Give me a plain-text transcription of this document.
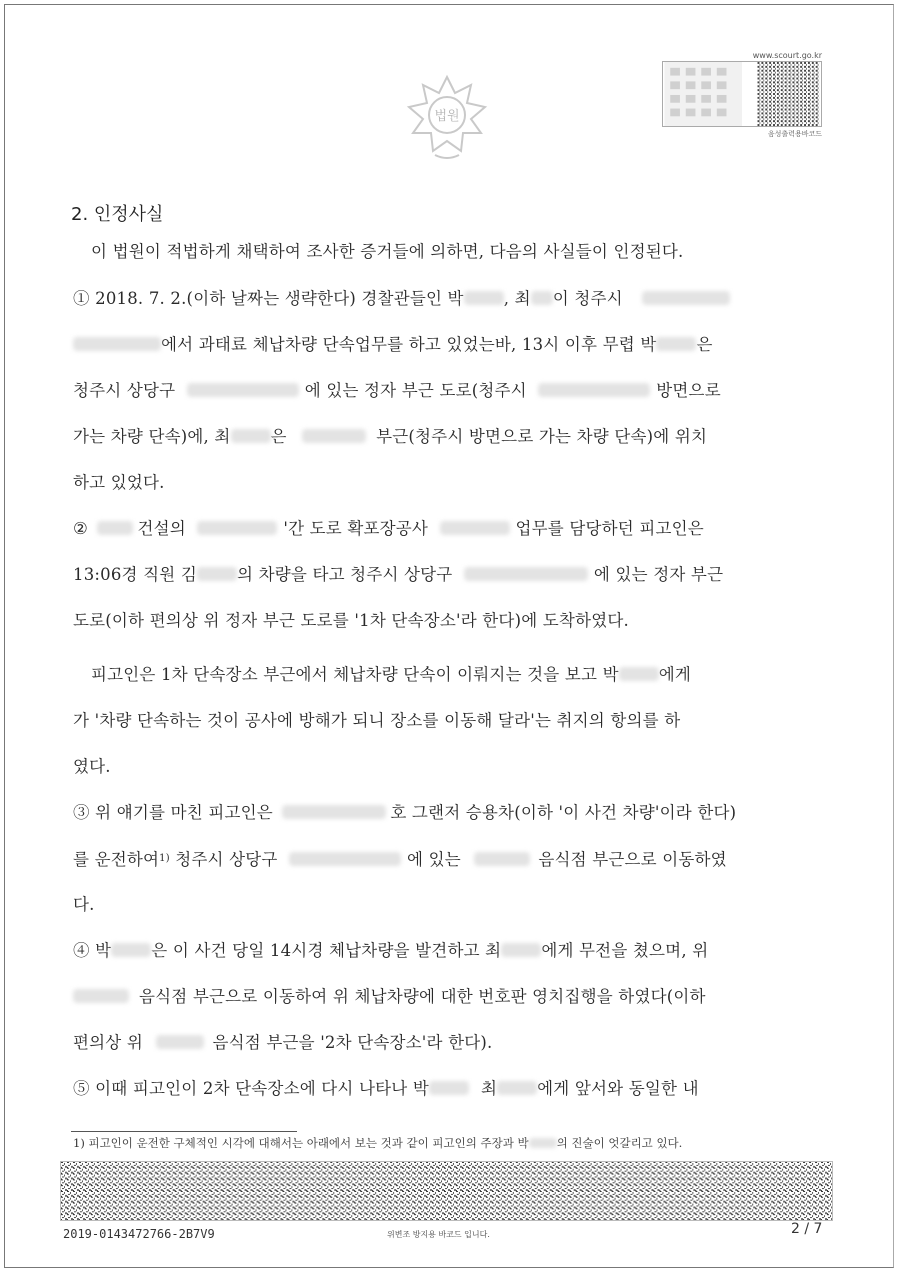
법원
www.scourt.go.kr
음성출력용바코드
2. 인정사실
이 법원이 적법하게 채택하여 조사한 증거들에 의하면, 다음의 사실들이 인정된다.
① 2018. 7. 2.(이하 날짜는 생략한다) 경찰관들인 박 , 최 이 청주시
에서 과태료 체납차량 단속업무를 하고 있었는바, 13시 이후 무렵 박 은
청주시 상당구	에 있는 정자 부근 도로(청주시	방면으로
가는 차량 단속)에, 최 은	부근(청주시 방면으로 가는 차량 단속)에 위치
하고 있었다.
②	건설의	'간 도로 확포장공사	업무를 담당하던 피고인은
13:06경 직원 김 의 차량을 타고 청주시 상당구	에 있는 정자 부근
도로(이하 편의상 위 정자 부근 도로를 '1차 단속장소'라 한다)에 도착하였다.
피고인은 1차 단속장소 부근에서 체납차량 단속이 이뤄지는 것을 보고 박 에게
가 '차량 단속하는 것이 공사에 방해가 되니 장소를 이동해 달라'는 취지의 항의를 하
였다.
③ 위 얘기를 마친 피고인은	호 그랜저 승용차(이하 '이 사건 차량'이라 한다)
를 운전하여$^{1)}$ 청주시 상당구	에 있는	음식점 부근으로 이동하였
다.
④ 박 은 이 사건 당일 14시경 체납차량을 발견하고 최 에게 무전을 쳤으며, 위
음식점 부근으로 이동하여 위 체납차량에 대한 번호판 영치집행을 하였다(이하
편의상 위	음식점 부근을 '2차 단속장소'라 한다).
⑤ 이때 피고인이 2차 단속장소에 다시 나타나 박	최 에게 앞서와 동일한 내
1) 피고인이 운전한 구체적인 시각에 대해서는 아래에서 보는 것과 같이 피고인의 주장과 박 의 진술이 엇갈리고 있다.
2019-0143472766-2B7V9	위변조 방지용 바코드 입니다.	2 / 7
